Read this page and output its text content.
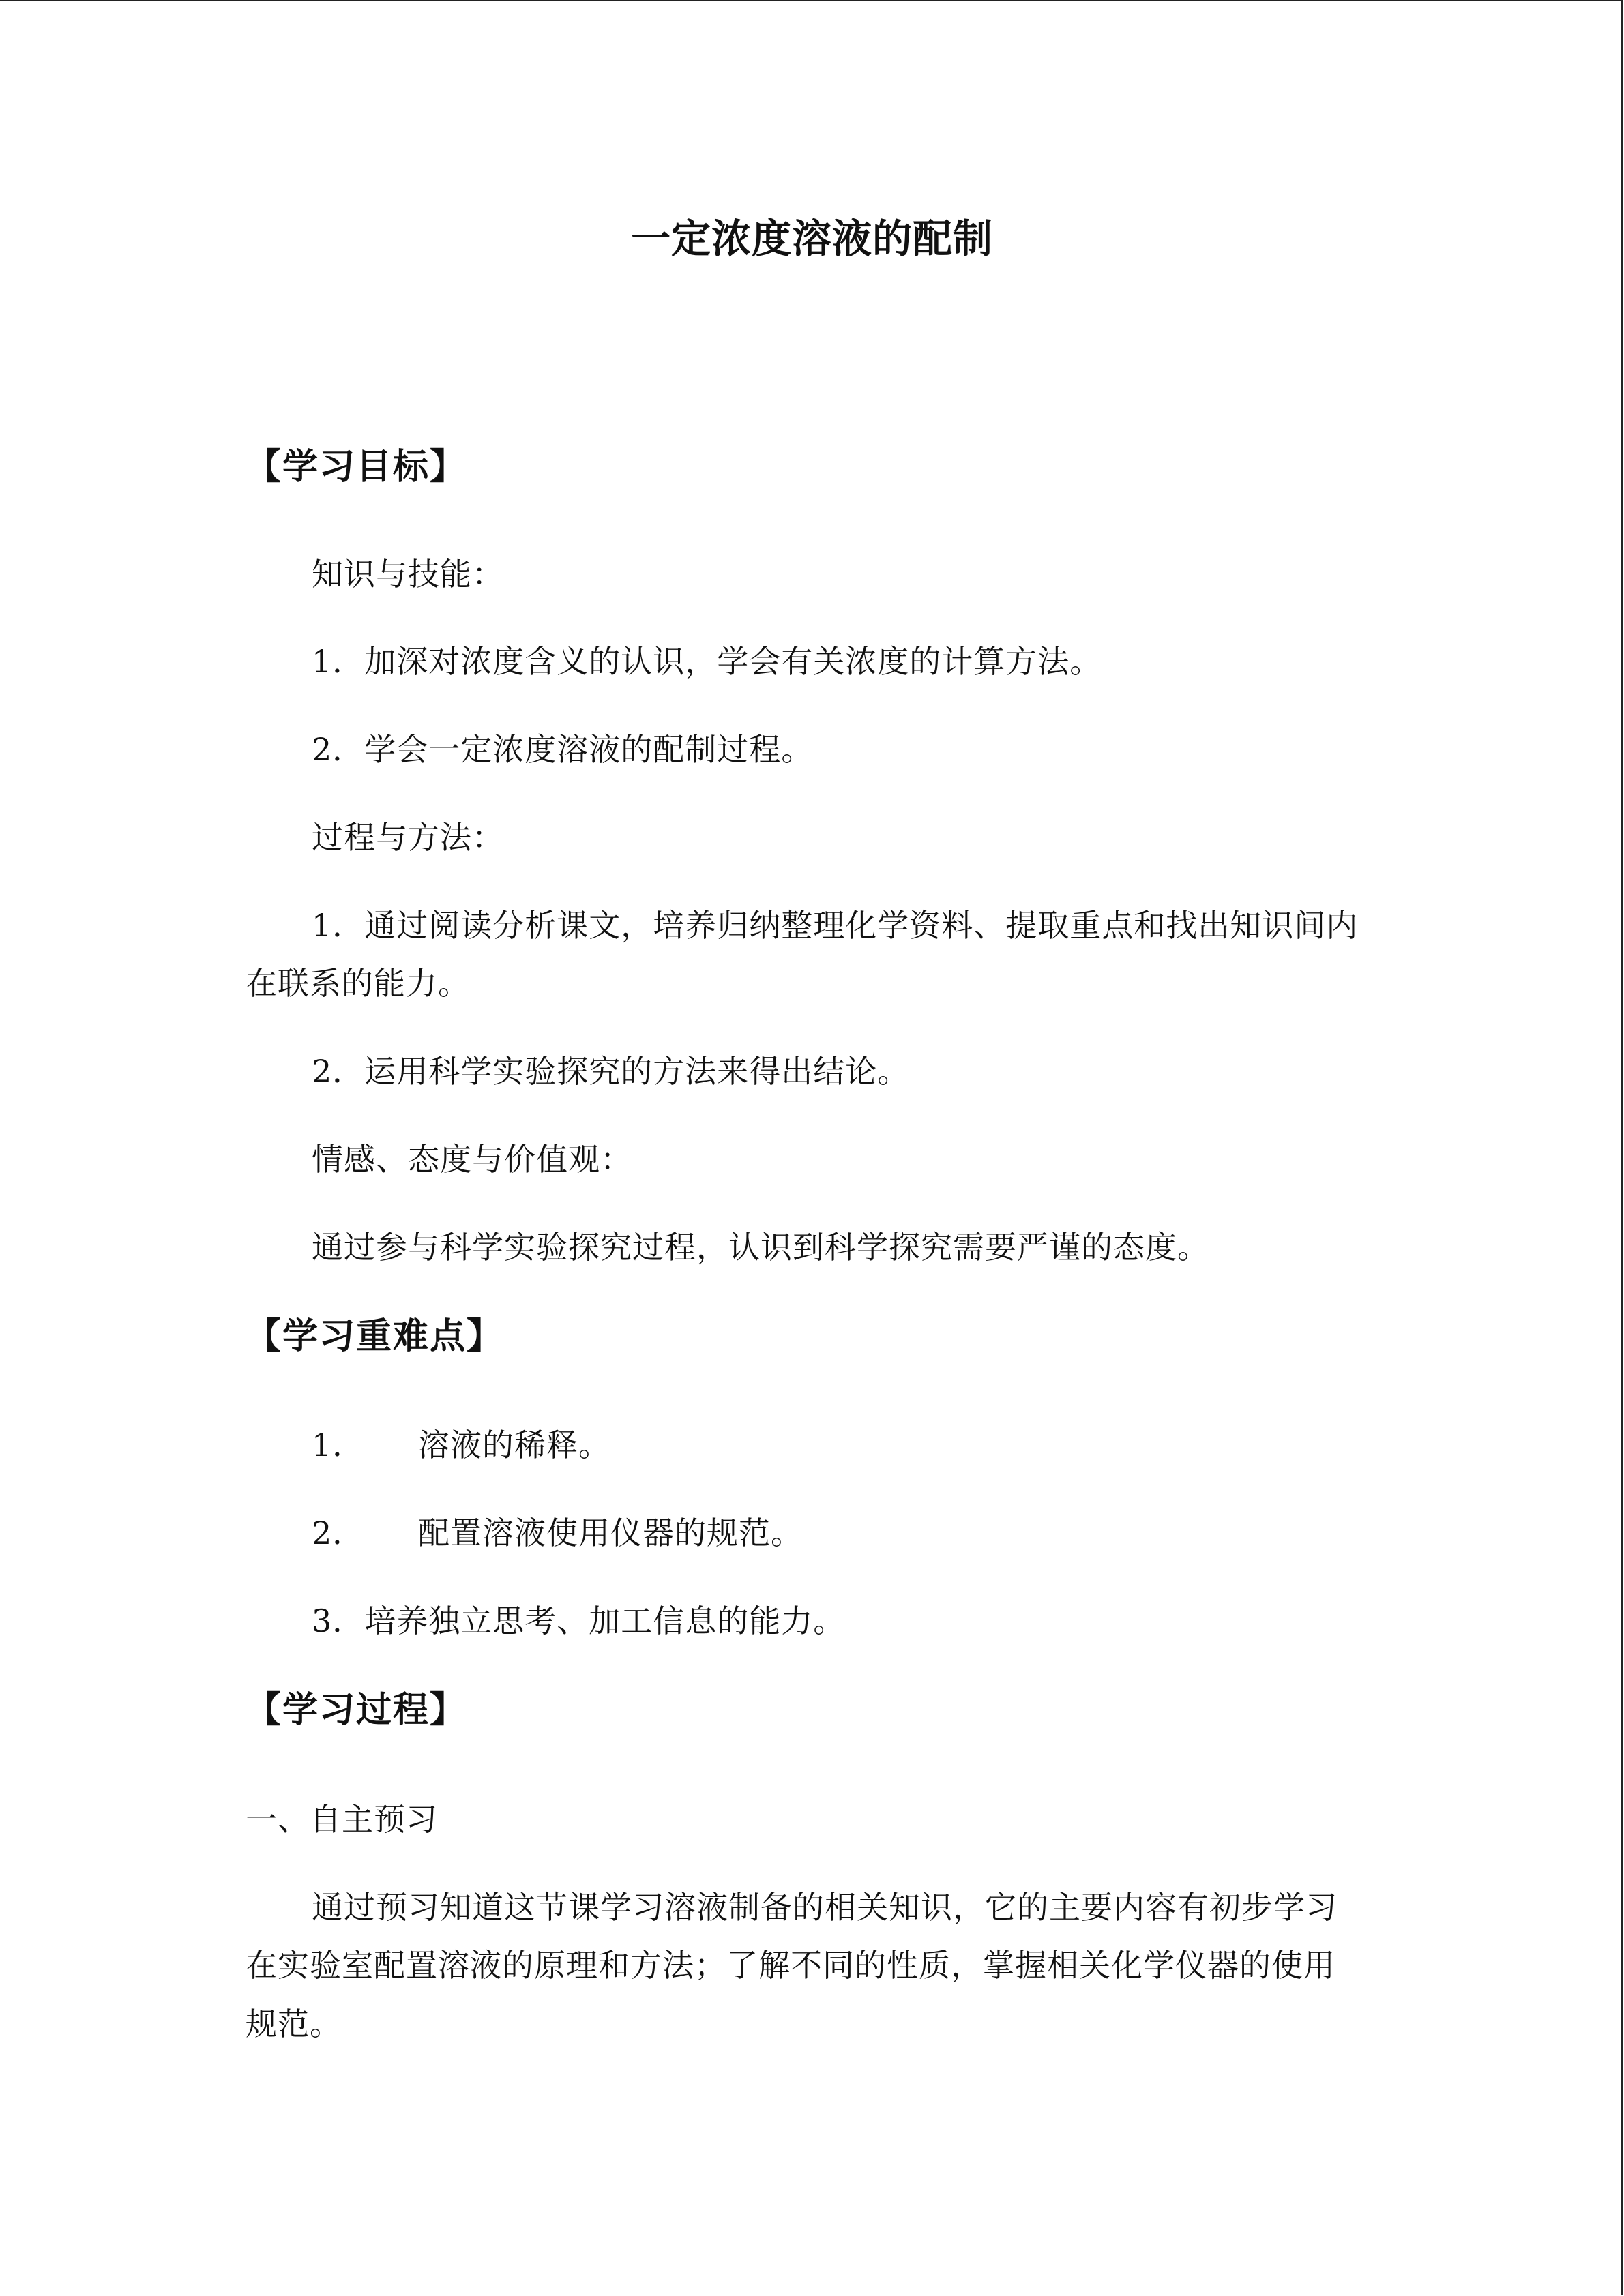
一定浓度溶液的配制
【学习目标】
知识与技能：
1．加深对浓度含义的认识，学会有关浓度的计算方法。
2．学会一定浓度溶液的配制过程。
过程与方法：
1．通过阅读分析课文，培养归纳整理化学资料、提取重点和找出知识间内
在联系的能力。
2．运用科学实验探究的方法来得出结论。
情感、态度与价值观：
通过参与科学实验探究过程，认识到科学探究需要严谨的态度。
【学习重难点】
1． 溶液的稀释。
2． 配置溶液使用仪器的规范。
3．培养独立思考、加工信息的能力。
【学习过程】
一、自主预习
通过预习知道这节课学习溶液制备的相关知识，它的主要内容有初步学习
在实验室配置溶液的原理和方法；了解不同的性质，掌握相关化学仪器的使用
规范。
